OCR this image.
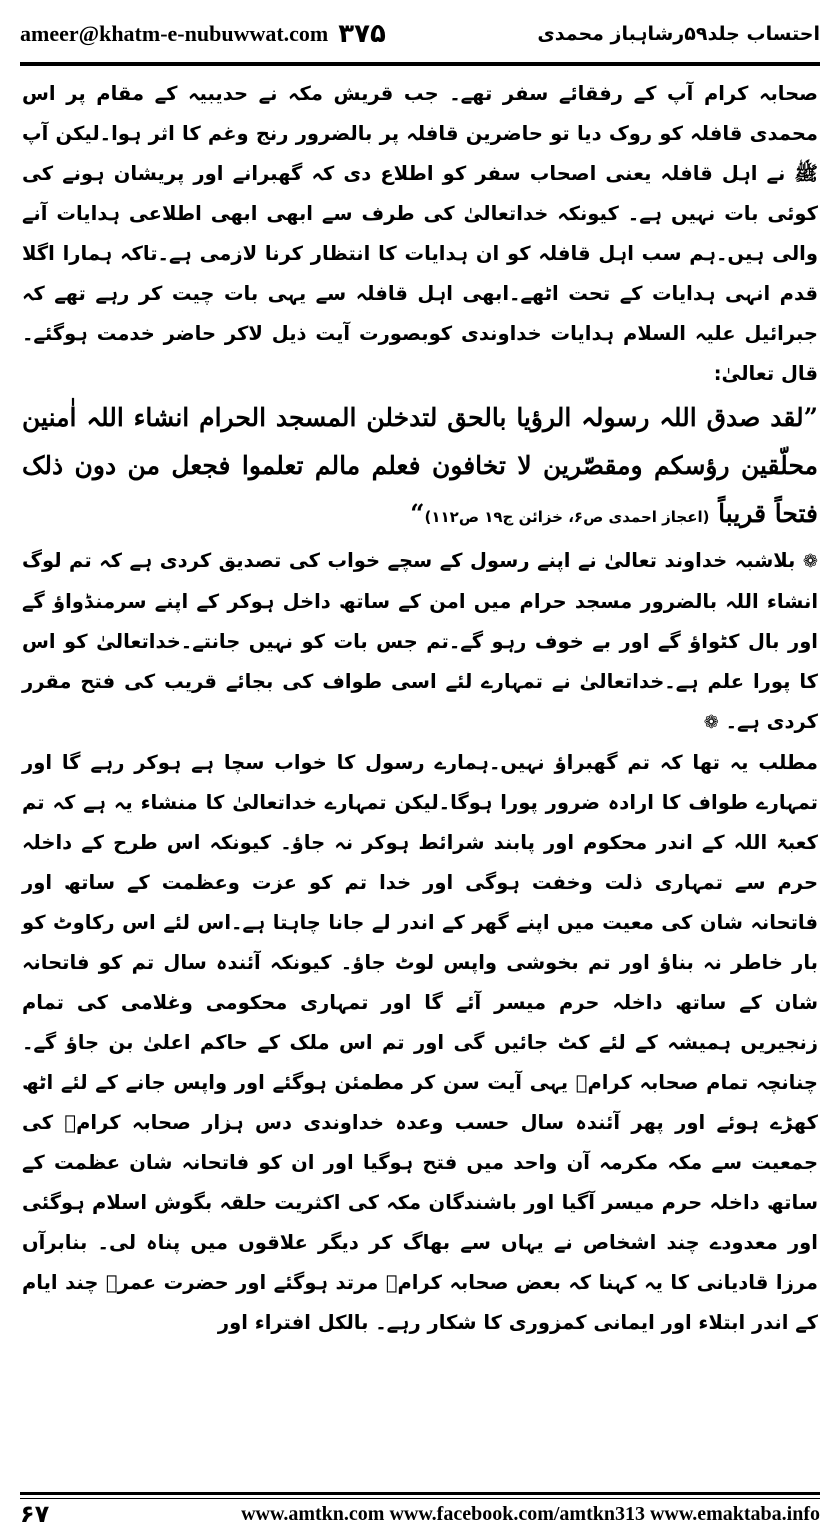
ameer@khatm-e-nubuwwat.com ۳۷۵	احتساب جلد۵۹رشاہباز محمدی

صحابہ کرام آپ کے رفقائے سفر تھے۔ جب قریش مکہ نے حدیبیہ کے مقام پر اس محمدی قافلہ کو روک دیا تو حاضرین قافلہ پر بالضرور رنج وغم کا اثر ہوا۔لیکن آپ ﷺ نے اہل قافلہ یعنی اصحاب سفر کو اطلاع دی کہ گھبرانے اور پریشان ہونے کی کوئی بات نہیں ہے۔ کیونکہ خداتعالیٰ کی طرف سے ابھی ابھی اطلاعی ہدایات آنے والی ہیں۔ہم سب اہل قافلہ کو ان ہدایات کا انتظار کرنا لازمی ہے۔تاکہ ہمارا اگلا قدم انہی ہدایات کے تحت اٹھے۔ابھی اہل قافلہ سے یہی بات چیت کر رہے تھے کہ جبرائیل علیہ السلام ہدایات خداوندی کوبصورت آیت ذیل لاکر حاضر خدمت ہوگئے۔قال تعالیٰ:

”لقد صدق اللہ رسولہ الرؤیا بالحق لتدخلن المسجد الحرام انشاء اللہ اٰمنین محلّقین رؤسکم ومقصّرین لا تخافون فعلم مالم تعلموا فجعل من دون ذلک فتحاً قریباً (اعجاز احمدی ص۶، خزائن ج۱۹ ص۱۱۲)“

❁ بلاشبہ خداوند تعالیٰ نے اپنے رسول کے سچے خواب کی تصدیق کردی ہے کہ تم لوگ انشاء اللہ بالضرور مسجد حرام میں امن کے ساتھ داخل ہوکر کے اپنے سرمنڈواؤ گے اور بال کٹواؤ گے اور بے خوف رہو گے۔تم جس بات کو نہیں جانتے۔خداتعالیٰ کو اس کا پورا علم ہے۔خداتعالیٰ نے تمہارے لئے اسی طواف کی بجائے قریب کی فتح مقرر کردی ہے۔ ❁

مطلب یہ تھا کہ تم گھبراؤ نہیں۔ہمارے رسول کا خواب سچا ہے ہوکر رہے گا اور تمہارے طواف کا ارادہ ضرور پورا ہوگا۔لیکن تمہارے خداتعالیٰ کا منشاء یہ ہے کہ تم کعبۃ اللہ کے اندر محکوم اور پابند شرائط ہوکر نہ جاؤ۔ کیونکہ اس طرح کے داخلہ حرم سے تمہاری ذلت وخفت ہوگی اور خدا تم کو عزت وعظمت کے ساتھ اور فاتحانہ شان کی معیت میں اپنے گھر کے اندر لے جانا چاہتا ہے۔اس لئے اس رکاوٹ کو بار خاطر نہ بناؤ اور تم بخوشی واپس لوٹ جاؤ۔ کیونکہ آئندہ سال تم کو فاتحانہ شان کے ساتھ داخلہ حرم میسر آئے گا اور تمہاری محکومی وغلامی کی تمام زنجیریں ہمیشہ کے لئے کٹ جائیں گی اور تم اس ملک کے حاکم اعلیٰ بن جاؤ گے۔ چنانچہ تمام صحابہ کرامؓ یہی آیت سن کر مطمئن ہوگئے اور واپس جانے کے لئے اٹھ کھڑے ہوئے اور پھر آئندہ سال حسب وعدہ خداوندی دس ہزار صحابہ کرامؓ کی جمعیت سے مکہ مکرمہ آن واحد میں فتح ہوگیا اور ان کو فاتحانہ شان عظمت کے ساتھ داخلہ حرم میسر آگیا اور باشندگان مکہ کی اکثریت حلقہ بگوش اسلام ہوگئی اور معدودے چند اشخاص نے یہاں سے بھاگ کر دیگر علاقوں میں پناہ لی۔ بنابرآں مرزا قادیانی کا یہ کہنا کہ بعض صحابہ کرامؓ مرتد ہوگئے اور حضرت عمرؓ چند ایام کے اندر ابتلاء اور ایمانی کمزوری کا شکار رہے۔ بالکل افتراء اور

۶۷	www.amtkn.com www.facebook.com/amtkn313 www.emaktaba.info
